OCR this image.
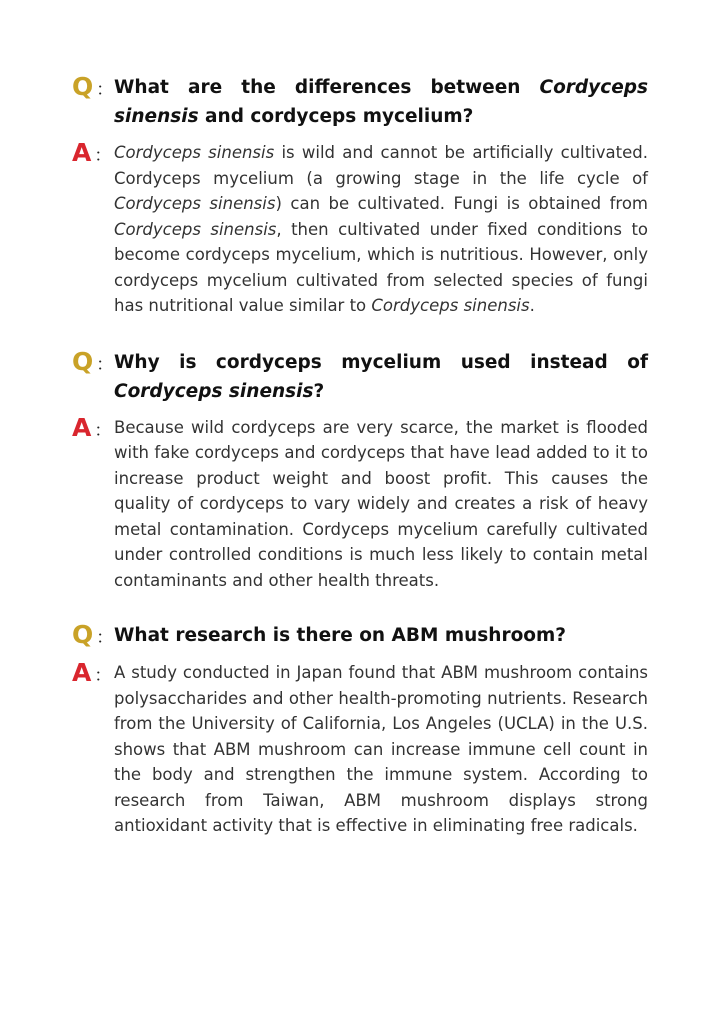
Q ： What are the differences between Cordyceps sinensis and cordyceps mycelium?
A ： Cordyceps sinensis is wild and cannot be artificially cultivated. Cordyceps mycelium (a growing stage in the life cycle of Cordyceps sinensis) can be cultivated. Fungi is obtained from Cordyceps sinensis, then cultivated under fixed conditions to become cordyceps mycelium, which is nutritious. However, only cordyceps mycelium cultivated from selected species of fungi has nutritional value similar to Cordyceps sinensis.
Q ： Why is cordyceps mycelium used instead of Cordyceps sinensis?
A ： Because wild cordyceps are very scarce, the market is flooded with fake cordyceps and cordyceps that have lead added to it to increase product weight and boost profit. This causes the quality of cordyceps to vary widely and creates a risk of heavy metal contamination. Cordyceps mycelium carefully cultivated under controlled conditions is much less likely to contain metal contaminants and other health threats.
Q ： What research is there on ABM mushroom?
A ： A study conducted in Japan found that ABM mushroom contains polysaccharides and other health-promoting nutrients. Research from the University of California, Los Angeles (UCLA) in the U.S. shows that ABM mushroom can increase immune cell count in the body and strengthen the immune system. According to research from Taiwan, ABM mushroom displays strong antioxidant activity that is effective in eliminating free radicals.
